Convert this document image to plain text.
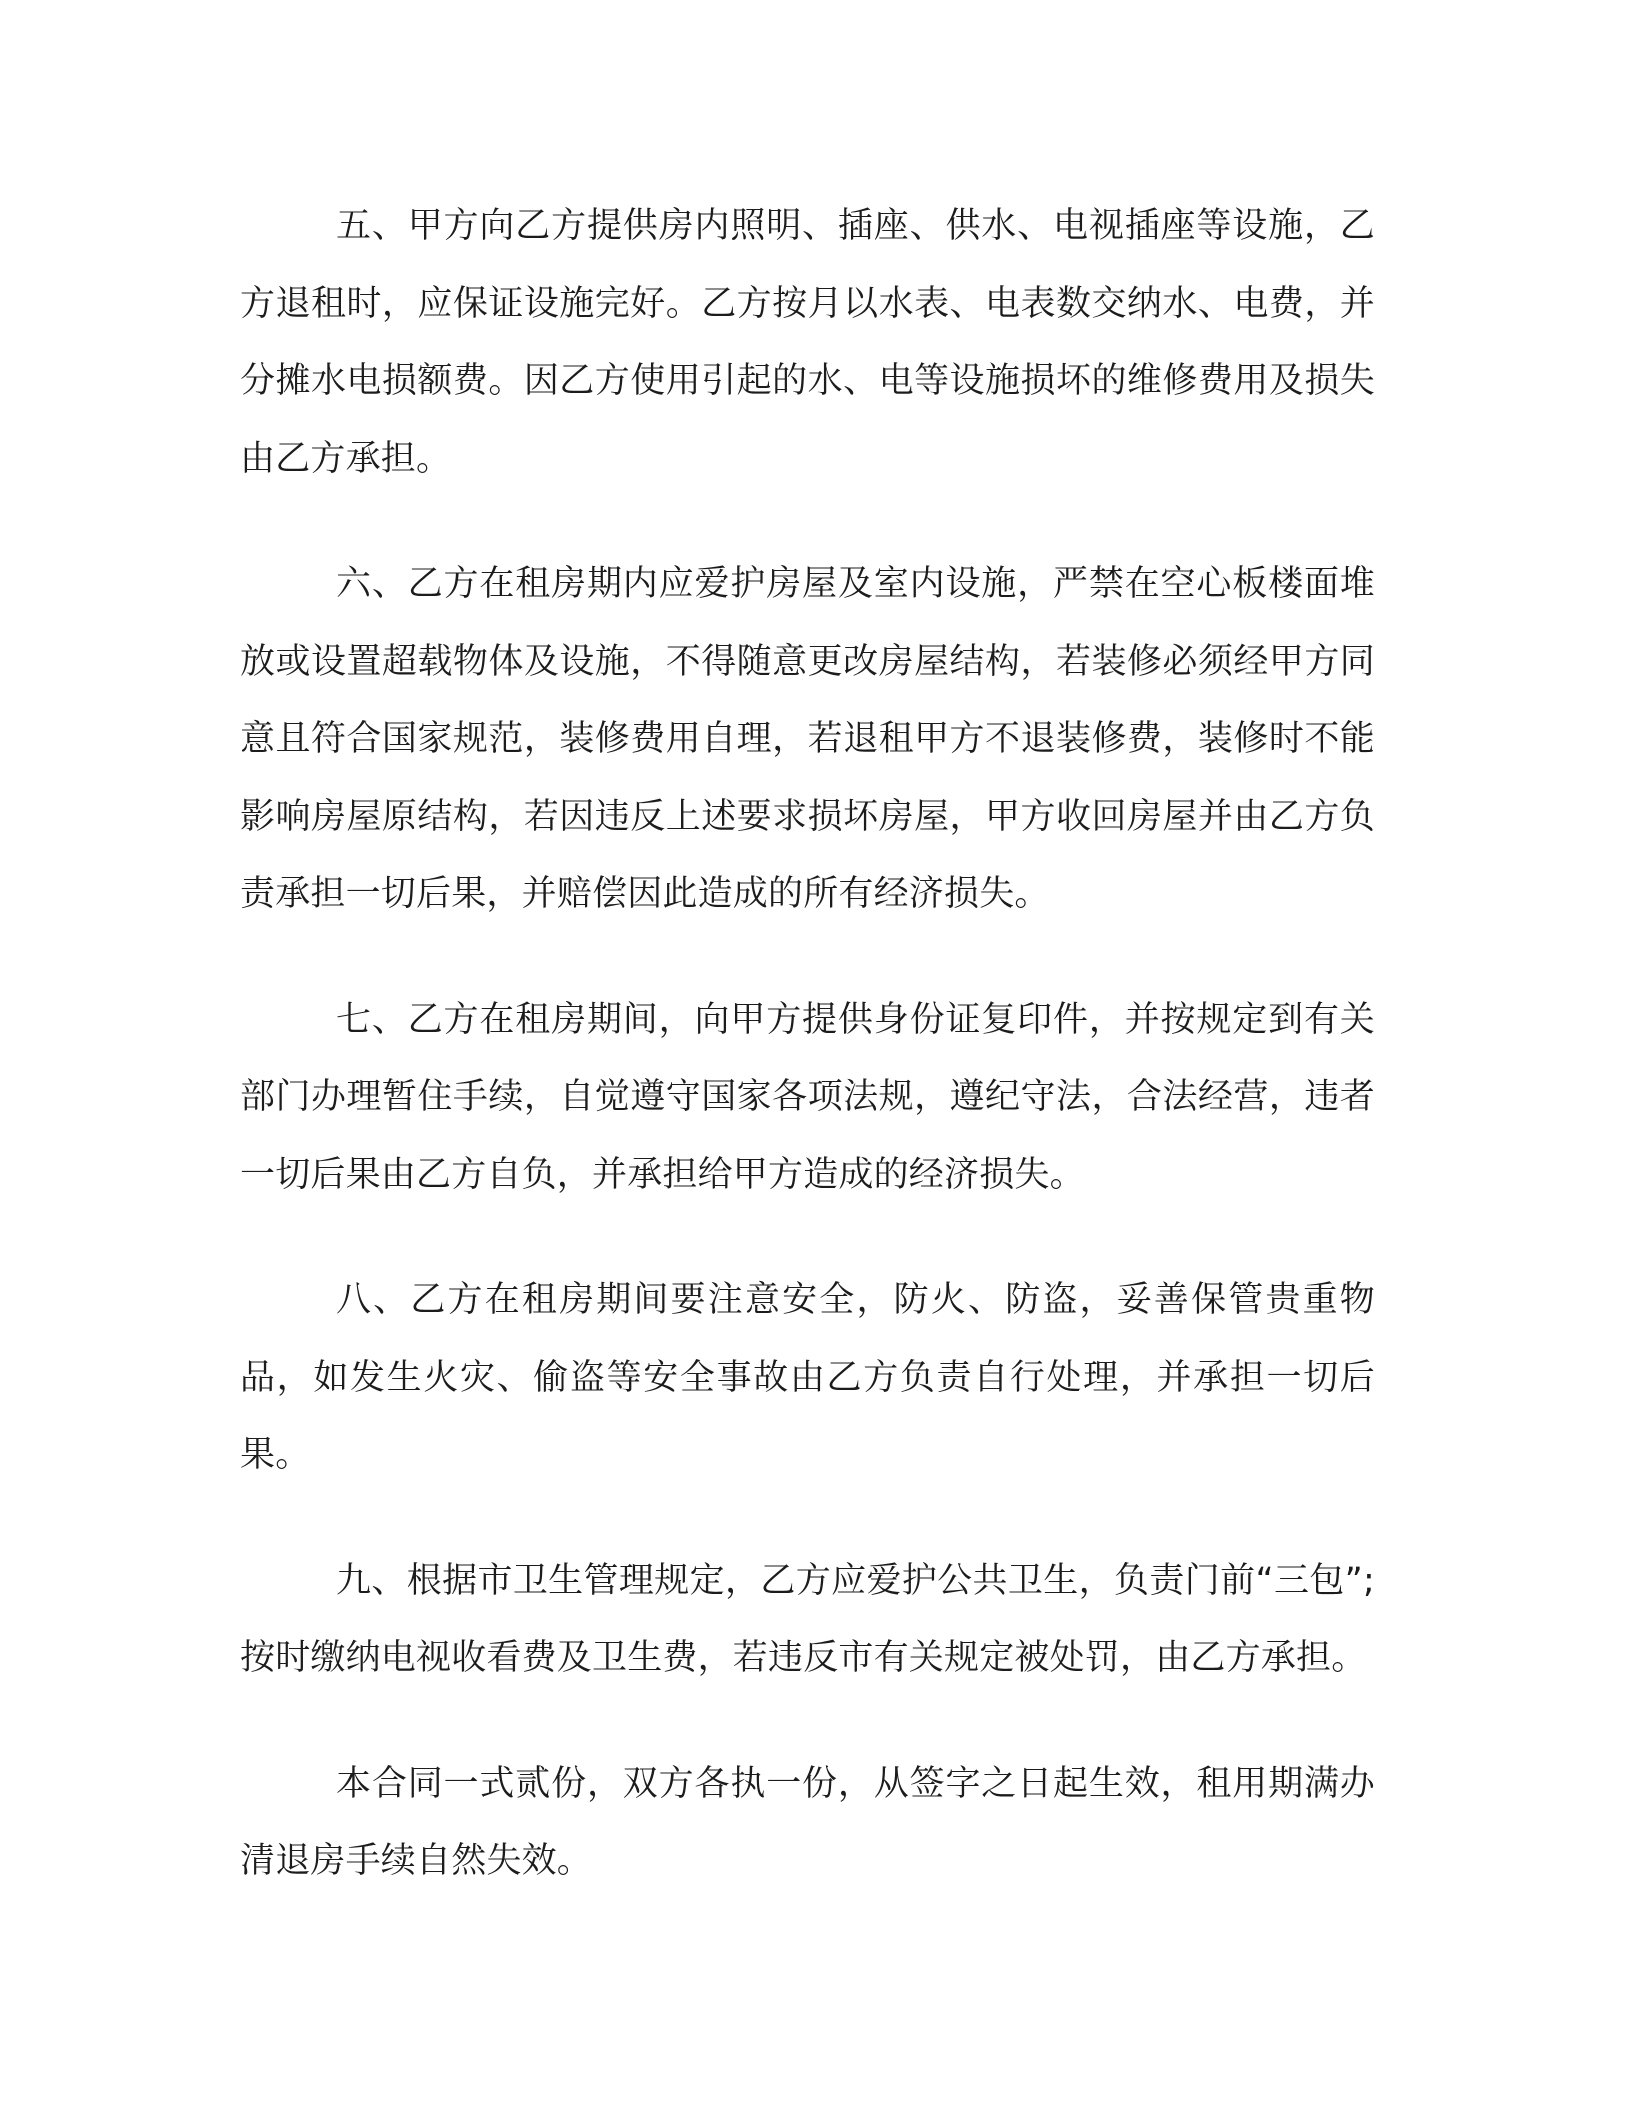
五、甲方向乙方提供房内照明、插座、供水、电视插座等设施，乙方退租时，应保证设施完好。乙方按月以水表、电表数交纳水、电费，并分摊水电损额费。因乙方使用引起的水、电等设施损坏的维修费用及损失由乙方承担。

六、乙方在租房期内应爱护房屋及室内设施，严禁在空心板楼面堆放或设置超载物体及设施，不得随意更改房屋结构，若装修必须经甲方同意且符合国家规范，装修费用自理，若退租甲方不退装修费，装修时不能影响房屋原结构，若因违反上述要求损坏房屋，甲方收回房屋并由乙方负责承担一切后果，并赔偿因此造成的所有经济损失。

七、乙方在租房期间，向甲方提供身份证复印件，并按规定到有关部门办理暂住手续，自觉遵守国家各项法规，遵纪守法，合法经营，违者一切后果由乙方自负，并承担给甲方造成的经济损失。

八、乙方在租房期间要注意安全，防火、防盗，妥善保管贵重物品，如发生火灾、偷盗等安全事故由乙方负责自行处理，并承担一切后果。

九、根据市卫生管理规定，乙方应爱护公共卫生，负责门前“三包”;按时缴纳电视收看费及卫生费，若违反市有关规定被处罚，由乙方承担。

本合同一式贰份，双方各执一份，从签字之日起生效，租用期满办清退房手续自然失效。
